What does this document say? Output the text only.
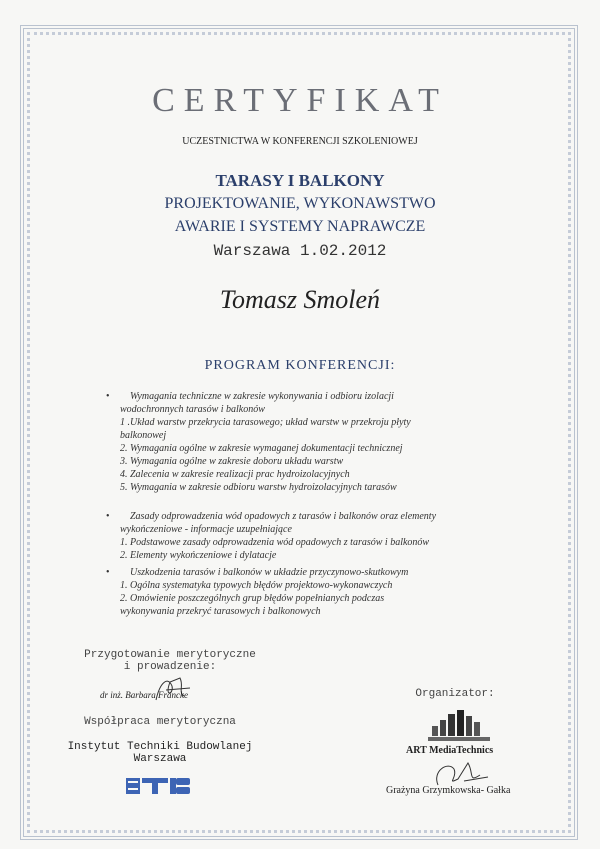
CERTYFIKAT
UCZESTNICTWA W KONFERENCJI SZKOLENIOWEJ
TARASY I BALKONY
PROJEKTOWANIE, WYKONAWSTWO
AWARIE I SYSTEMY NAPRAWCZE
Warszawa 1.02.2012
Tomasz Smoleń
PROGRAM KONFERENCJI:
•	Wymagania techniczne w zakresie wykonywania i odbioru izolacji
wodochronnych tarasów i balkonów
1 .Układ warstw przekrycia tarasowego; układ warstw w przekroju płyty
balkonowej
2. Wymagania ogólne w zakresie wymaganej dokumentacji technicznej
3. Wymagania ogólne w zakresie doboru układu warstw
4. Zalecenia w zakresie realizacji prac hydroizolacyjnych
5. Wymagania w zakresie odbioru warstw hydroizolacyjnych tarasów
•	Zasady odprowadzenia wód opadowych z tarasów i balkonów oraz elementy
wykończeniowe - informacje uzupełniające
1. Podstawowe zasady odprowadzenia wód opadowych z tarasów i balkonów
2. Elementy wykończeniowe i dylatacje
•	Uszkodzenia tarasów i balkonów w układzie przyczynowo-skutkowym
1. Ogólna systematyka typowych błędów projektowo-wykonawczych
2. Omówienie poszczególnych grup błędów popełnianych podczas
wykonywania przekryć tarasowych i balkonowych
Przygotowanie merytoryczne
i prowadzenie:
dr inż. Barbara Francke
Współpraca merytoryczna
Instytut Techniki Budowlanej
Warszawa
Organizator:
ART MediaTechnics
Grażyna Grzymkowska- Gałka
